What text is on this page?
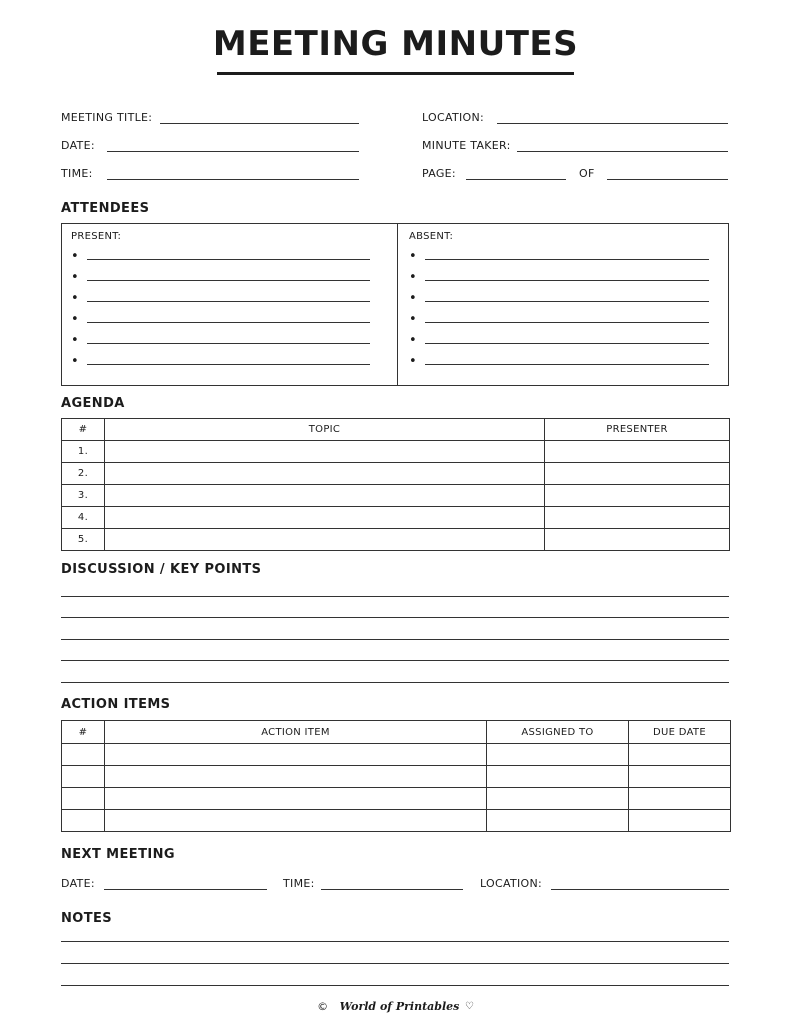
MEETING MINUTES
MEETING TITLE:
DATE:
TIME:
LOCATION:
MINUTE TAKER:
PAGE:	OF
ATTENDEES
PRESENT:	ABSENT:
•
•
•
•
•
•
•
•
•
•
•
•
AGENDA
#	TOPIC	PRESENTER
1.		
2.		
3.		
4.		
5.		
DISCUSSION / KEY POINTS
ACTION ITEMS
#	ACTION ITEM	ASSIGNED TO	DUE DATE

NEXT MEETING
DATE:	TIME:	LOCATION:
NOTES
© World of Printables ♡
